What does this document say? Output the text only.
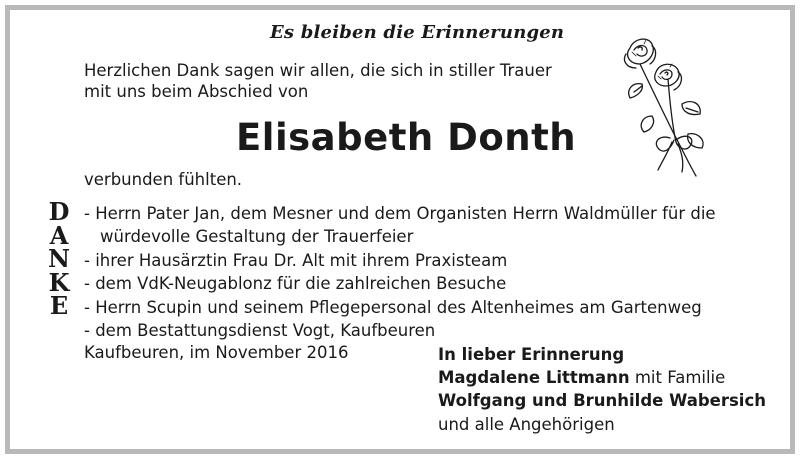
Es bleiben die Erinnerungen
Herzlichen Dank sagen wir allen, die sich in stiller Trauer
mit uns beim Abschied von
Elisabeth Donth
verbunden fühlten.
D
A
N
K
E
- Herrn Pater Jan, dem Mesner und dem Organisten Herrn Waldmüller für die
würdevolle Gestaltung der Trauerfeier
- ihrer Hausärztin Frau Dr. Alt mit ihrem Praxisteam
- dem VdK-Neugablonz für die zahlreichen Besuche
- Herrn Scupin und seinem Pflegepersonal des Altenheimes am Gartenweg
- dem Bestattungsdienst Vogt, Kaufbeuren
Kaufbeuren, im November 2016	In lieber Erinnerung
Magdalene Littmann mit Familie
Wolfgang und Brunhilde Wabersich
und alle Angehörigen
